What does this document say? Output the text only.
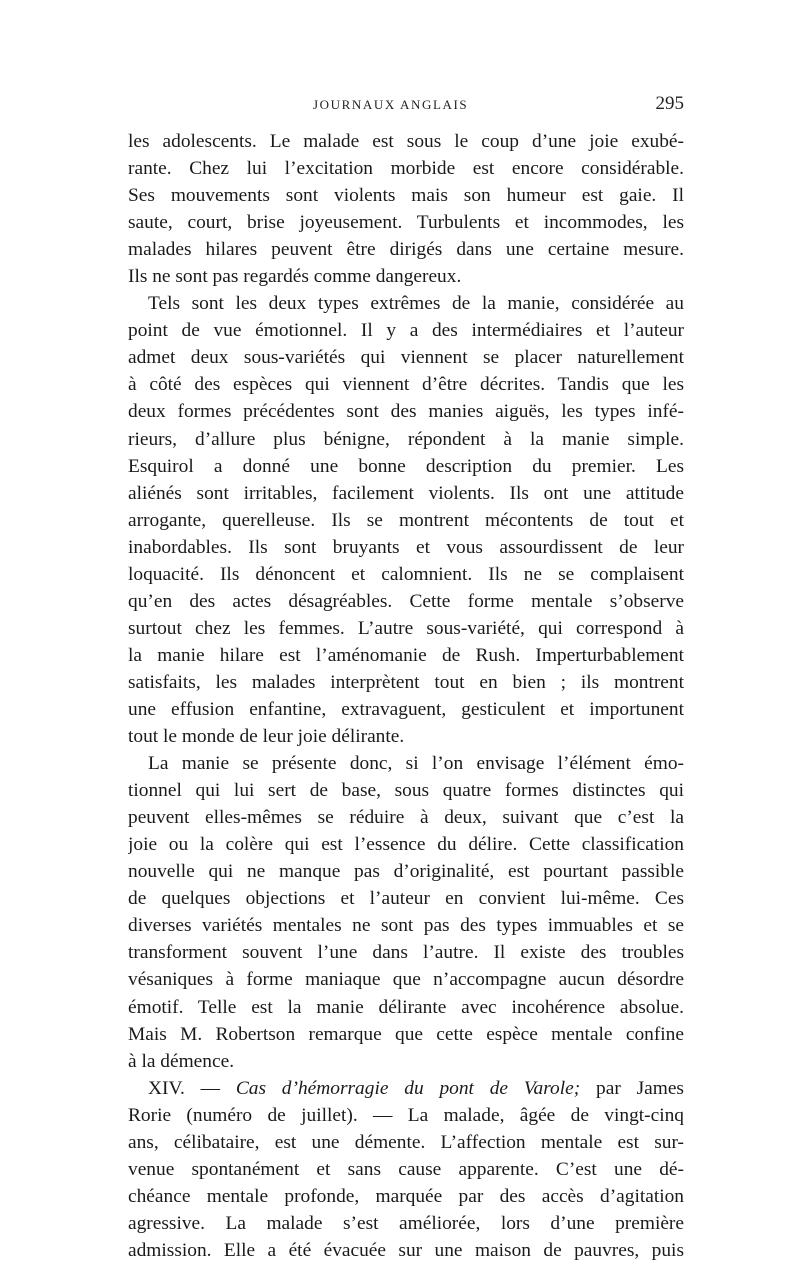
JOURNAUX ANGLAIS	295
les adolescents. Le malade est sous le coup d’une joie exubé-
rante. Chez lui l’excitation morbide est encore considérable.
Ses mouvements sont violents mais son humeur est gaie. Il
saute, court, brise joyeusement. Turbulents et incommodes, les
malades hilares peuvent être dirigés dans une certaine mesure.
Ils ne sont pas regardés comme dangereux.
Tels sont les deux types extrêmes de la manie, considérée au
point de vue émotionnel. Il y a des intermédiaires et l’auteur
admet deux sous-variétés qui viennent se placer naturellement
à côté des espèces qui viennent d’être décrites. Tandis que les
deux formes précédentes sont des manies aiguës, les types infé-
rieurs, d’allure plus bénigne, répondent à la manie simple.
Esquirol a donné une bonne description du premier. Les
aliénés sont irritables, facilement violents. Ils ont une attitude
arrogante, querelleuse. Ils se montrent mécontents de tout et
inabordables. Ils sont bruyants et vous assourdissent de leur
loquacité. Ils dénoncent et calomnient. Ils ne se complaisent
qu’en des actes désagréables. Cette forme mentale s’observe
surtout chez les femmes. L’autre sous-variété, qui correspond à
la manie hilare est l’aménomanie de Rush. Imperturbablement
satisfaits, les malades interprètent tout en bien ; ils montrent
une effusion enfantine, extravaguent, gesticulent et importunent
tout le monde de leur joie délirante.
La manie se présente donc, si l’on envisage l’élément émo-
tionnel qui lui sert de base, sous quatre formes distinctes qui
peuvent elles-mêmes se réduire à deux, suivant que c’est la
joie ou la colère qui est l’essence du délire. Cette classification
nouvelle qui ne manque pas d’originalité, est pourtant passible
de quelques objections et l’auteur en convient lui-même. Ces
diverses variétés mentales ne sont pas des types immuables et se
transforment souvent l’une dans l’autre. Il existe des troubles
vésaniques à forme maniaque que n’accompagne aucun désordre
émotif. Telle est la manie délirante avec incohérence absolue.
Mais M. Robertson remarque que cette espèce mentale confine
à la démence.
XIV. — Cas d’hémorragie du pont de Varole; par James
Rorie (numéro de juillet). — La malade, âgée de vingt-cinq
ans, célibataire, est une démente. L’affection mentale est sur-
venue spontanément et sans cause apparente. C’est une dé-
chéance mentale profonde, marquée par des accès d’agitation
agressive. La malade s’est améliorée, lors d’une première
admission. Elle a été évacuée sur une maison de pauvres, puis
